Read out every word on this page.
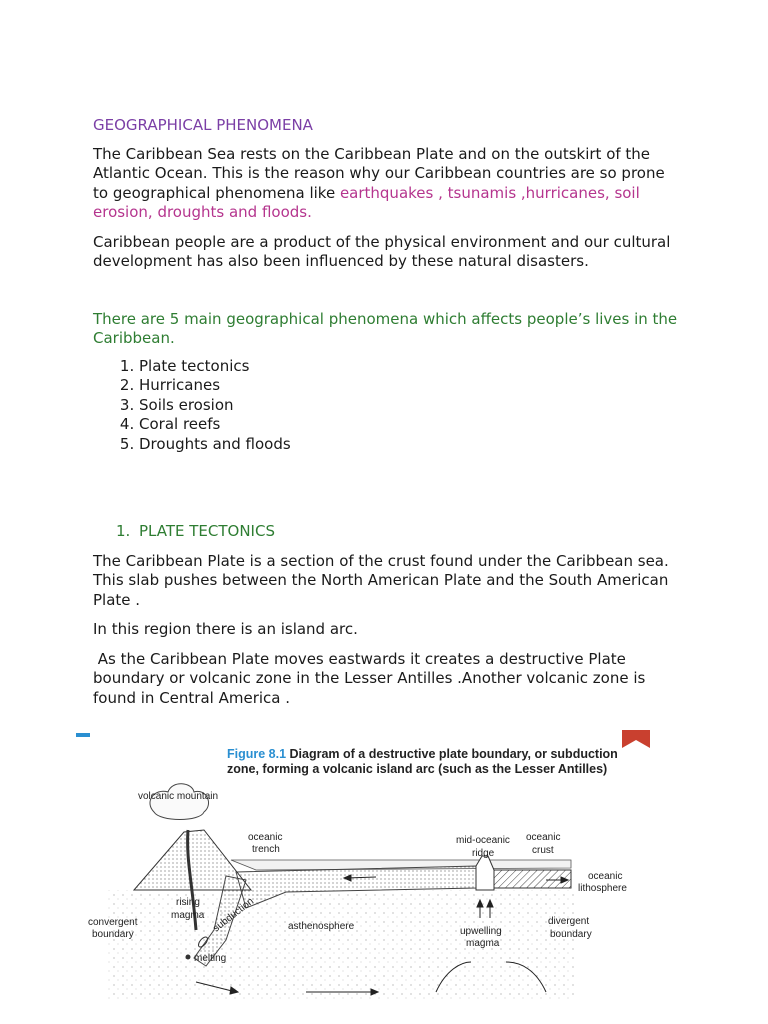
GEOGRAPHICAL PHENOMENA

The Caribbean Sea rests on the Caribbean Plate and on the outskirt of the Atlantic Ocean. This is the reason why our Caribbean countries are so prone to geographical phenomena like earthquakes , tsunamis ,hurricanes, soil erosion, droughts and floods.

Caribbean people are a product of the physical environment and our cultural development has also been influenced by these natural disasters.

There are 5 main geographical phenomena which affects people’s lives in the Caribbean.

1. Plate tectonics
2. Hurricanes
3. Soils erosion
4. Coral reefs
5. Droughts and floods
1. PLATE TECTONICS

The Caribbean Plate is a section of the crust found under the Caribbean sea. This slab pushes between the North American Plate and the South American Plate .

In this region there is an island arc.

As the Caribbean Plate moves eastwards it creates a destructive Plate boundary or volcanic zone in the Lesser Antilles .Another volcanic zone is found in Central America .

Figure 8.1 Diagram of a destructive plate boundary, or subduction zone, forming a volcanic island arc (such as the Lesser Antilles)
volcanic mountain
oceanic
trench
mid-oceanic
ridge
oceanic
crust
oceanic
lithosphere
rising
magma subduction
convergent
boundary
asthenosphere	upwelling
magma
divergent
boundary
melting
